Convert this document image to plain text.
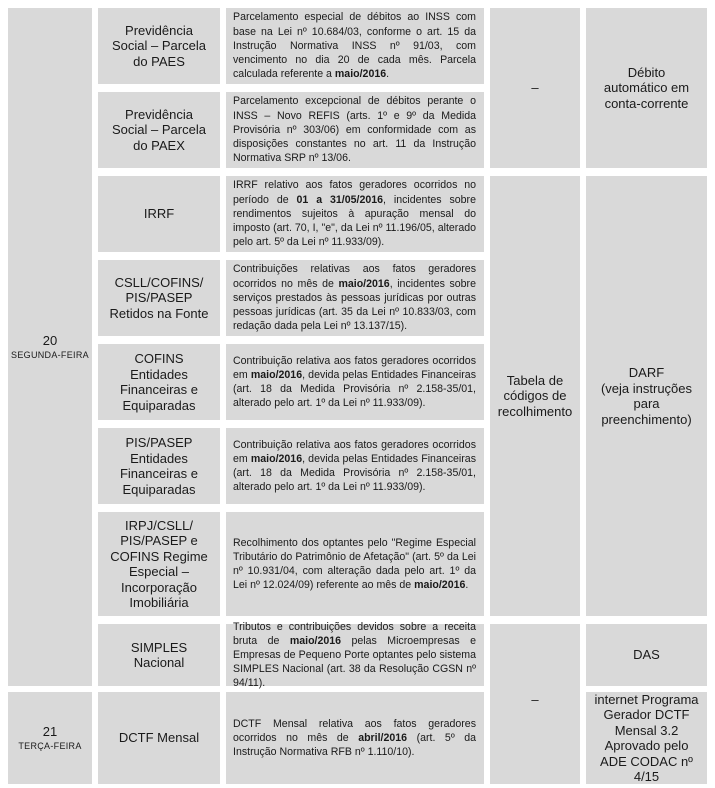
20
SEGUNDA-FEIRA
21
TERÇA-FEIRA
Previdência Social – Parcela do PAES

Parcelamento especial de débitos ao INSS com base na Lei nº 10.684/03, conforme o art. 15 da Instrução Normativa INSS nº 91/03, com vencimento no dia 20 de cada mês. Parcela calculada referente a maio/2016.

Previdência Social – Parcela do PAEX

Parcelamento excepcional de débitos perante o INSS – Novo REFIS (arts. 1º e 9º da Medida Provisória nº 303/06) em conformidade com as disposições constantes no art. 11 da Instrução Normativa SRP nº 13/06.

IRRF

IRRF relativo aos fatos geradores ocorridos no período de 01 a 31/05/2016, incidentes sobre rendimentos sujeitos à apuração mensal do imposto (art. 70, I, "e", da Lei nº 11.196/05, alterado pelo art. 5º da Lei nº 11.933/09).

CSLL/COFINS/ PIS/PASEP Retidos na Fonte

Contribuições relativas aos fatos geradores ocorridos no mês de maio/2016, incidentes sobre serviços prestados às pessoas jurídicas por outras pessoas jurídicas (art. 35 da Lei nº 10.833/03, com redação dada pela Lei nº 13.137/15).

COFINS Entidades Financeiras e Equiparadas

Contribuição relativa aos fatos geradores ocorridos em maio/2016, devida pelas Entidades Financeiras (art. 18 da Medida Provisória nº 2.158-35/01, alterado pelo art. 1º da Lei nº 11.933/09).

PIS/PASEP Entidades Financeiras e Equiparadas

Contribuição relativa aos fatos geradores ocorridos em maio/2016, devida pelas Entidades Financeiras (art. 18 da Medida Provisória nº 2.158-35/01, alterado pelo art. 1º da Lei nº 11.933/09).

IRPJ/CSLL/ PIS/PASEP e COFINS Regime Especial – Incorporação Imobiliária

Recolhimento dos optantes pelo "Regime Especial Tributário do Patrimônio de Afetação" (art. 5º da Lei nº 10.931/04, com alteração dada pelo art. 1º da Lei nº 12.024/09) referente ao mês de maio/2016.

SIMPLES Nacional

Tributos e contribuições devidos sobre a receita bruta de maio/2016 pelas Microempresas e Empresas de Pequeno Porte optantes pelo sistema SIMPLES Nacional (art. 38 da Resolução CGSN nº 94/11).

DCTF Mensal

DCTF Mensal relativa aos fatos geradores ocorridos no mês de abril/2016 (art. 5º da Instrução Normativa RFB nº 1.110/10).

–
Tabela de códigos de recolhimento
–
Débito automático em conta-corrente
DARF
(veja instruções para preenchimento)
DAS
internet Programa Gerador DCTF Mensal 3.2 Aprovado pelo ADE CODAC nº 4/15
